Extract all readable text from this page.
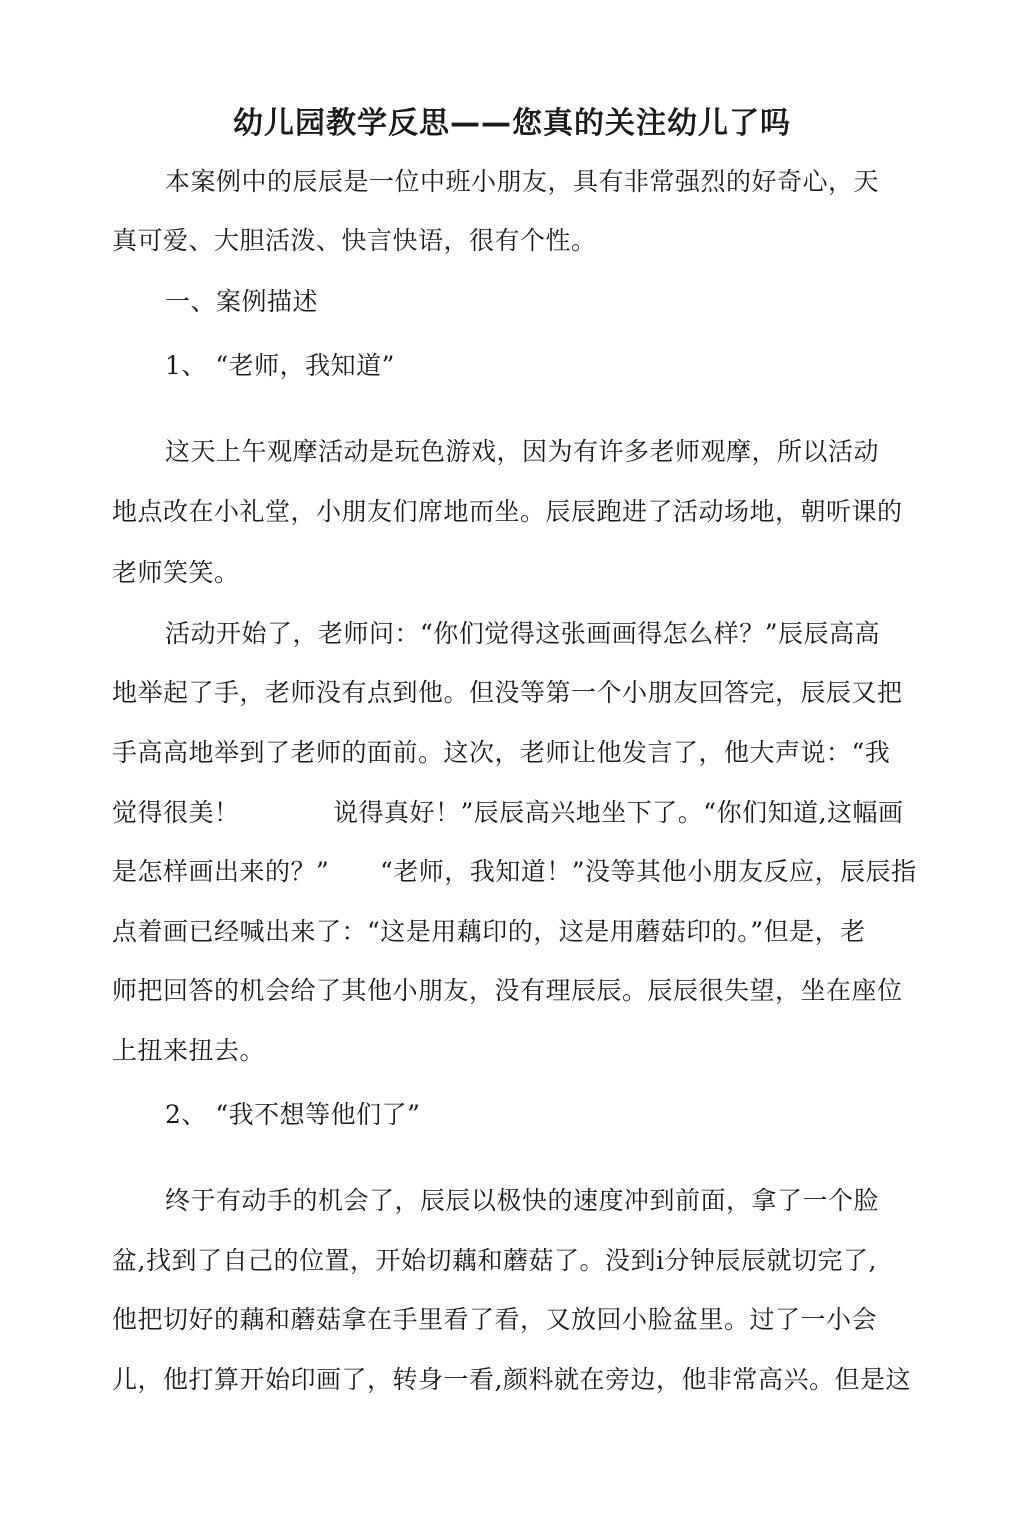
幼儿园教学反思——您真的关注幼儿了吗
本案例中的辰辰是一位中班小朋友，具有非常强烈的好奇心，天
真可爱、大胆活泼、快言快语，很有个性。
一、案例描述
1、 “老师，我知道”
这天上午观摩活动是玩色游戏，因为有许多老师观摩，所以活动
地点改在小礼堂，小朋友们席地而坐。辰辰跑进了活动场地，朝听课的
老师笑笑。
活动开始了，老师问：“你们觉得这张画画得怎么样？”辰辰高高
地举起了手，老师没有点到他。但没等第一个小朋友回答完，辰辰又把
手高高地举到了老师的面前。这次，老师让他发言了，他大声说：“我
觉得很美！	说得真好！”辰辰高兴地坐下了。“你们知道,这幅画
是怎样画出来的？” “老师，我知道！”没等其他小朋友反应，辰辰指
点着画已经喊出来了：“这是用藕印的，这是用蘑菇印的。”但是，老
师把回答的机会给了其他小朋友，没有理辰辰。辰辰很失望，坐在座位
上扭来扭去。
2、 “我不想等他们了”
终于有动手的机会了，辰辰以极快的速度冲到前面，拿了一个脸
盆,找到了自己的位置，开始切藕和蘑菇了。没到i分钟辰辰就切完了,
他把切好的藕和蘑菇拿在手里看了看，又放回小脸盆里。过了一小会
儿，他打算开始印画了，转身一看,颜料就在旁边，他非常高兴。但是这
